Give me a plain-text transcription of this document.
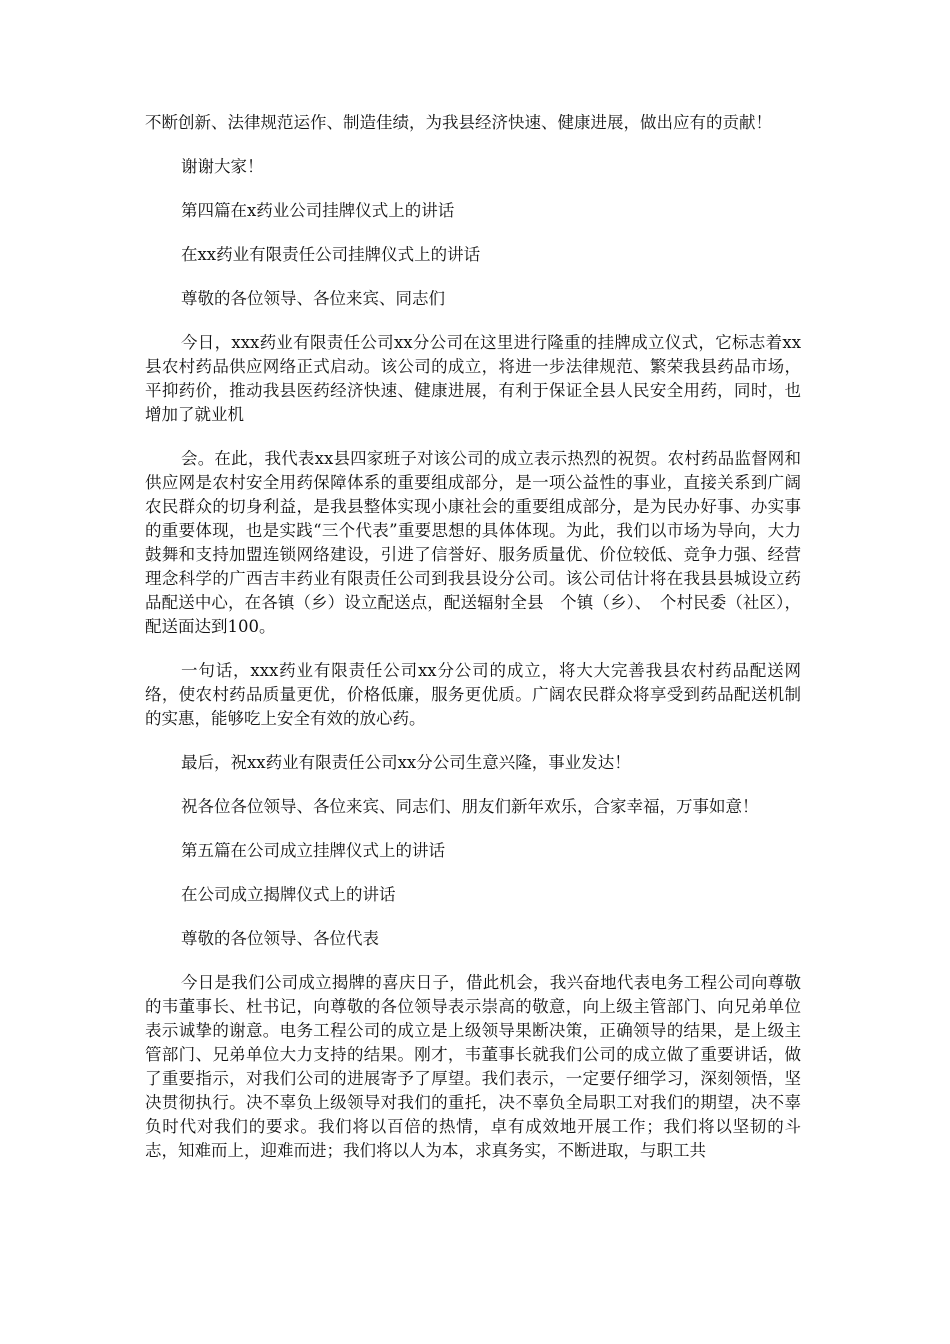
不断创新、法律规范运作、制造佳绩，为我县经济快速、健康进展，做出应有的贡献！

谢谢大家！

第四篇在x药业公司挂牌仪式上的讲话

在xx药业有限责任公司挂牌仪式上的讲话

尊敬的各位领导、各位来宾、同志们

今日，xxx药业有限责任公司xx分公司在这里进行隆重的挂牌成立仪式，它标志着xx县农村药品供应网络正式启动。该公司的成立，将进一步法律规范、繁荣我县药品市场，平抑药价，推动我县医药经济快速、健康进展，有利于保证全县人民安全用药，同时，也增加了就业机

会。在此，我代表xx县四家班子对该公司的成立表示热烈的祝贺。农村药品监督网和供应网是农村安全用药保障体系的重要组成部分，是一项公益性的事业，直接关系到广阔农民群众的切身利益，是我县整体实现小康社会的重要组成部分，是为民办好事、办实事的重要体现，也是实践“三个代表”重要思想的具体体现。为此，我们以市场为导向，大力鼓舞和支持加盟连锁网络建设，引进了信誉好、服务质量优、价位较低、竞争力强、经营理念科学的广西吉丰药业有限责任公司到我县设分公司。该公司估计将在我县县城设立药品配送中心，在各镇（乡）设立配送点，配送辐射全县　个镇（乡）、　个村民委（社区），配送面达到100。

一句话，xxx药业有限责任公司xx分公司的成立，将大大完善我县农村药品配送网络，使农村药品质量更优，价格低廉，服务更优质。广阔农民群众将享受到药品配送机制的实惠，能够吃上安全有效的放心药。

最后，祝xx药业有限责任公司xx分公司生意兴隆，事业发达！

祝各位各位领导、各位来宾、同志们、朋友们新年欢乐，合家幸福，万事如意！

第五篇在公司成立挂牌仪式上的讲话

在公司成立揭牌仪式上的讲话

尊敬的各位领导、各位代表

今日是我们公司成立揭牌的喜庆日子，借此机会，我兴奋地代表电务工程公司向尊敬的韦董事长、杜书记，向尊敬的各位领导表示崇高的敬意，向上级主管部门、向兄弟单位表示诚挚的谢意。电务工程公司的成立是上级领导果断决策，正确领导的结果，是上级主管部门、兄弟单位大力支持的结果。刚才，韦董事长就我们公司的成立做了重要讲话，做了重要指示，对我们公司的进展寄予了厚望。我们表示，一定要仔细学习，深刻领悟，坚决贯彻执行。决不辜负上级领导对我们的重托，决不辜负全局职工对我们的期望，决不辜负时代对我们的要求。我们将以百倍的热情，卓有成效地开展工作；我们将以坚韧的斗志，知难而上，迎难而进；我们将以人为本，求真务实，不断进取，与职工共
